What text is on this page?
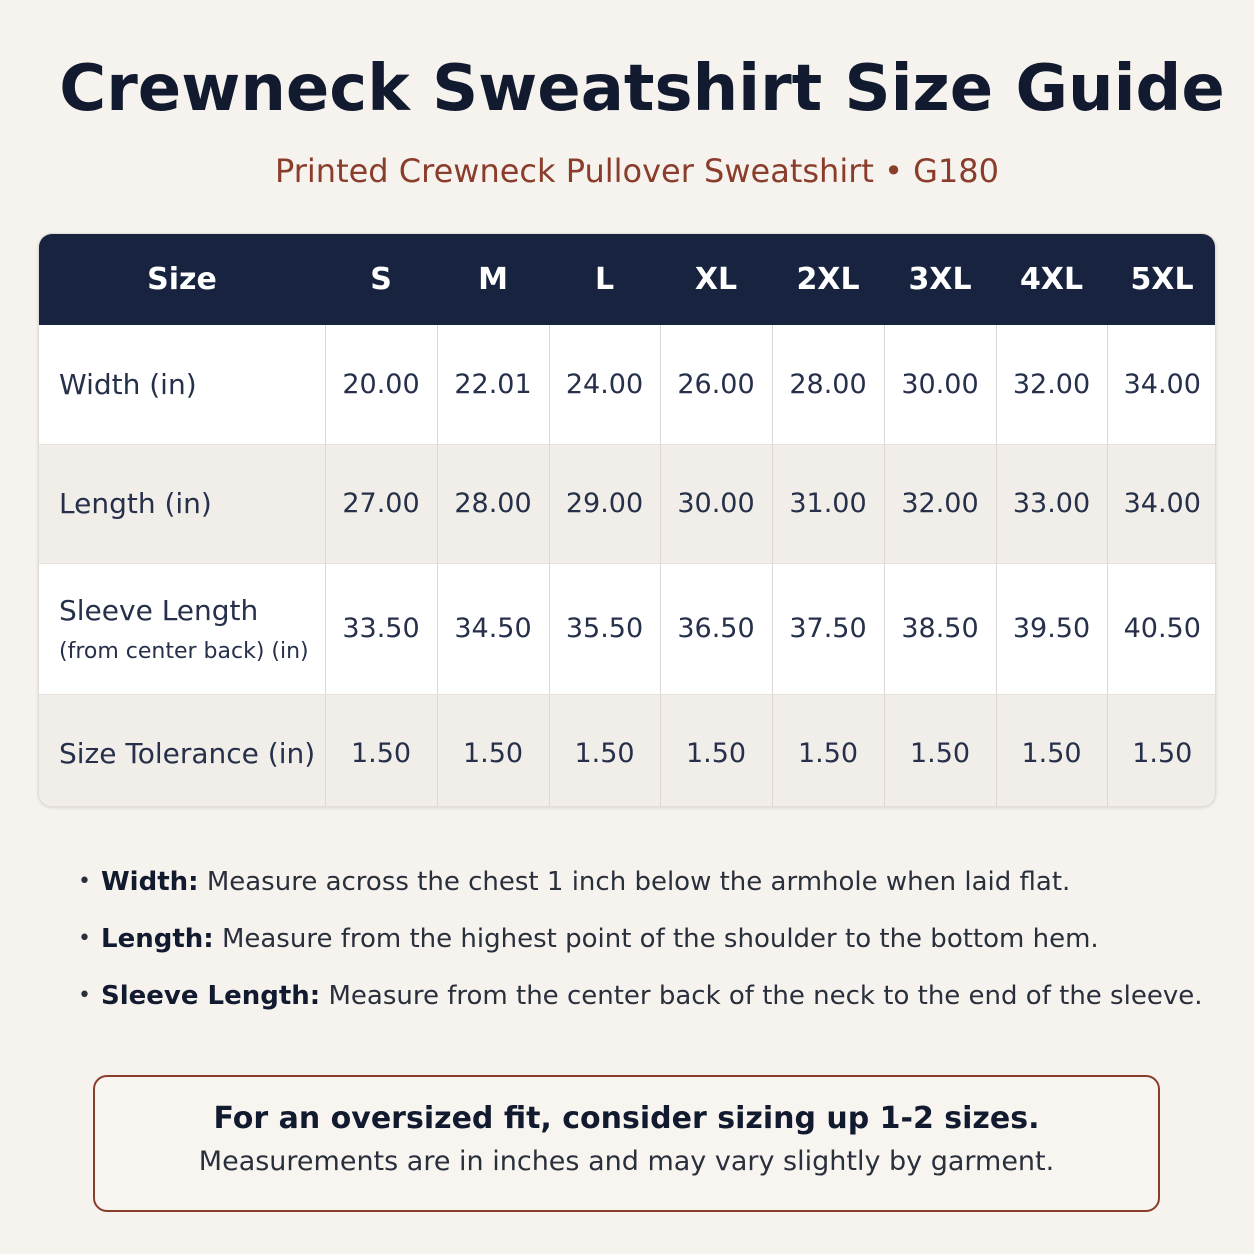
Crewneck Sweatshirt Size Guide
Printed Crewneck Pullover Sweatshirt • G180
Size	S	M	L	XL	2XL	3XL	4XL	5XL

Width (in)	20.00	22.01	24.00	26.00	28.00	30.00	32.00	34.00

Length (in)	27.00	28.00	29.00	30.00	31.00	32.00	33.00	34.00

Sleeve Length
(from center back) (in)	33.50	34.50	35.50	36.50	37.50	38.50	39.50	40.50

Size Tolerance (in)	1.50	1.50	1.50	1.50	1.50	1.50	1.50	1.50
• Width: Measure across the chest 1 inch below the armhole when laid flat.
• Length: Measure from the highest point of the shoulder to the bottom hem.
• Sleeve Length: Measure from the center back of the neck to the end of the sleeve.
For an oversized fit, consider sizing up 1-2 sizes.
Measurements are in inches and may vary slightly by garment.
